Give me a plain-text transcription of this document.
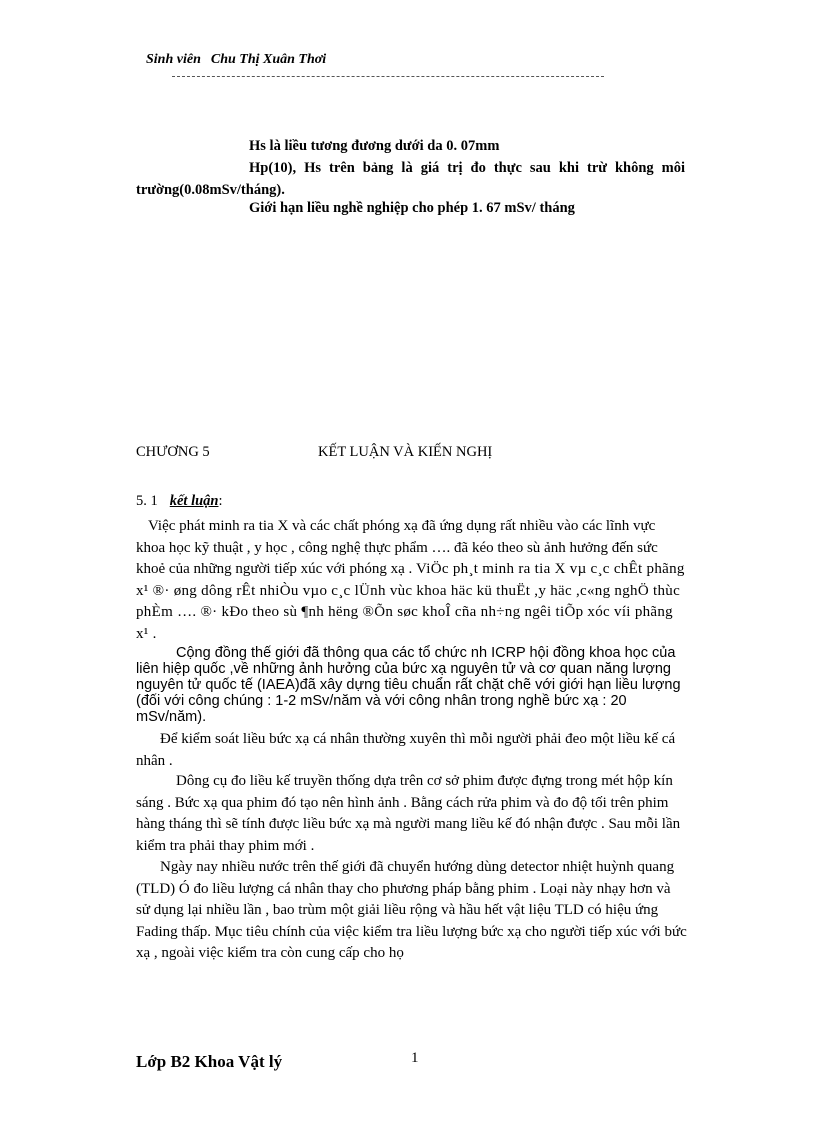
Sinh viên Chu Thị Xuân Thơi
Hs là liều tương đương dưới da 0. 07mm
Hp(10), Hs trên bảng là giá trị đo thực sau khi trừ không môi
trường(0.08mSv/tháng).
Giới hạn liều nghề nghiệp cho phép 1. 67 mSv/ tháng
CHƯƠNG 5	KẾT LUẬN VÀ KIẾN NGHỊ
5. 1 kết luận:

Việc phát minh ra tia X và các chất phóng xạ đã ứng dụng rất nhiều vào các lĩnh vực khoa học kỹ thuật , y học , công nghệ thực phẩm …. đã kéo theo sù ảnh hưởng đến sức khoẻ của những người tiếp xúc với phóng xạ . ViÖc ph¸t minh ra tia X vµ c¸c chÊt phãng x¹ ®· øng dông rÊt nhiÒu vµo c¸c lÜnh vùc khoa häc kü thuËt ,y häc ,c«ng nghÖ thùc phÈm …. ®· kÐo theo sù ¶nh hëng ®Õn søc khoÎ cña nh÷ng ngêi tiÕp xóc víi phãng x¹ .

Cộng đồng thế giới đã thông qua các tổ chức nh ICRP hội đồng khoa học của liên hiệp quốc ,về những ảnh hưởng của bức xạ nguyên tử và cơ quan năng lượng nguyên tử quốc tế (IAEA)đã xây dựng tiêu chuẩn rất chặt chẽ với giới hạn liều lượng (đối với công chúng : 1-2 mSv/năm và với công nhân trong nghề bức xạ : 20 mSv/năm).

Để kiểm soát liều bức xạ cá nhân thường xuyên thì mỗi người phải đeo một liều kế cá nhân .

Dông cụ đo liều kế truyền thống dựa trên cơ sở phim được đựng trong mét hộp kín sáng . Bức xạ qua phim đó tạo nên hình ảnh . Bằng cách rửa phim và đo độ tối trên phim hàng tháng thì sẽ tính được liều bức xạ mà người mang liều kế đó nhận được . Sau mỗi lần kiểm tra phải thay phim mới .

Ngày nay nhiều nước trên thế giới đã chuyển hướng dùng detector nhiệt huỳnh quang (TLD) Ó đo liều lượng cá nhân thay cho phương pháp bằng phim . Loại này nhạy hơn và sử dụng lại nhiều lần , bao trùm một giải liều rộng và hầu hết vật liệu TLD có hiệu ứng Fading thấp. Mục tiêu chính của việc kiểm tra liều lượng bức xạ cho người tiếp xúc với bức xạ , ngoài việc kiểm tra còn cung cấp cho họ

Lớp B2 Khoa Vật lý	1
